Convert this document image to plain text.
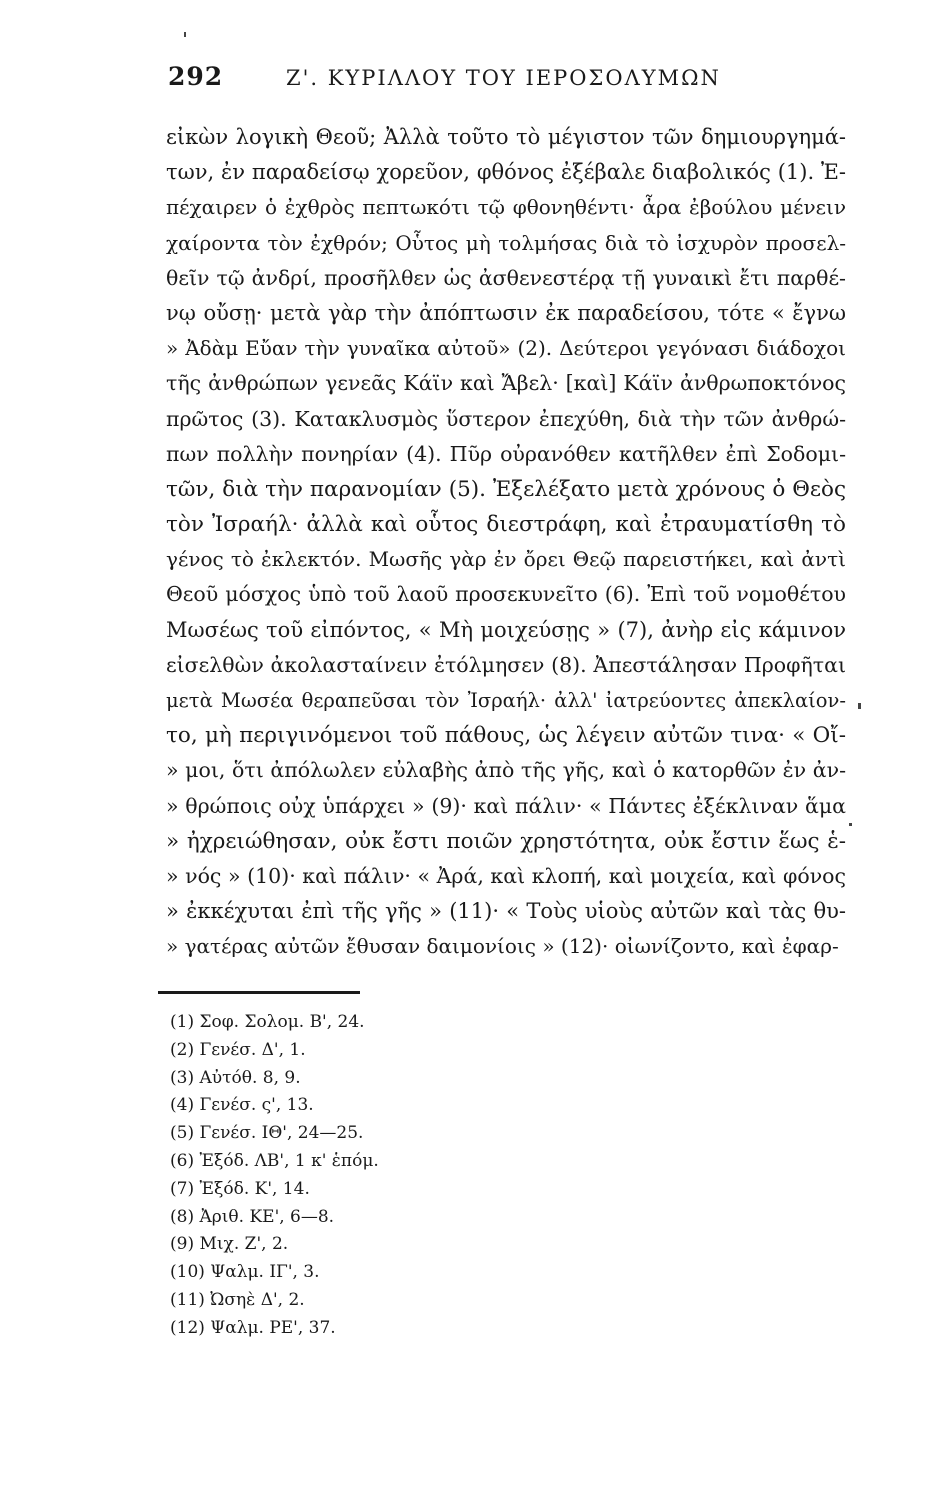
292	Ζ'. ΚΥΡΙΛΛΟΥ ΤΟΥ ΙΕΡΟΣΟΛΥΜΩΝ
εἰκὼν λογικὴ Θεοῦ; Ἀλλὰ τοῦτο τὸ μέγιστον τῶν δημιουργημά-
των, ἐν παραδείσῳ χορεῦον, φθόνος ἐξέβαλε διαβολικός (1). Ἐ-
πέχαιρεν ὁ ἐχθρὸς πεπτωκότι τῷ φθονηθέντι· ἆρα ἐβούλου μένειν
χαίροντα τὸν ἐχθρόν; Οὗτος μὴ τολμήσας διὰ τὸ ἰσχυρὸν προσελ-
θεῖν τῷ ἀνδρί, προσῆλθεν ὡς ἀσθενεστέρᾳ τῇ γυναικὶ ἔτι παρθέ-
νῳ οὔσῃ· μετὰ γὰρ τὴν ἀπόπτωσιν ἐκ παραδείσου, τότε « ἔγνω
» Ἀδὰμ Εὔαν τὴν γυναῖκα αὐτοῦ» (2). Δεύτεροι γεγόνασι διάδοχοι
τῆς ἀνθρώπων γενεᾶς Κάϊν καὶ Ἄβελ· [καὶ] Κάϊν ἀνθρωποκτόνος
πρῶτος (3). Κατακλυσμὸς ὕστερον ἐπεχύθη, διὰ τὴν τῶν ἀνθρώ-
πων πολλὴν πονηρίαν (4). Πῦρ οὐρανόθεν κατῆλθεν ἐπὶ Σοδομι-
τῶν, διὰ τὴν παρανομίαν (5). Ἐξελέξατο μετὰ χρόνους ὁ Θεὸς
τὸν Ἰσραήλ· ἀλλὰ καὶ οὗτος διεστράφη, καὶ ἐτραυματίσθη τὸ
γένος τὸ ἐκλεκτόν. Μωσῆς γὰρ ἐν ὄρει Θεῷ παρειστήκει, καὶ ἀντὶ
Θεοῦ μόσχος ὑπὸ τοῦ λαοῦ προσεκυνεῖτο (6). Ἐπὶ τοῦ νομοθέτου
Μωσέως τοῦ εἰπόντος, « Μὴ μοιχεύσῃς » (7), ἀνὴρ εἰς κάμινον
εἰσελθὼν ἀκολασταίνειν ἐτόλμησεν (8). Ἀπεστάλησαν Προφῆται
μετὰ Μωσέα θεραπεῦσαι τὸν Ἰσραήλ· ἀλλ' ἰατρεύοντες ἀπεκλαίον-
το, μὴ περιγινόμενοι τοῦ πάθους, ὡς λέγειν αὐτῶν τινα· « Οἴ-
» μοι, ὅτι ἀπόλωλεν εὐλαβὴς ἀπὸ τῆς γῆς, καὶ ὁ κατορθῶν ἐν ἀν-
» θρώποις οὐχ ὑπάρχει » (9)· καὶ πάλιν· « Πάντες ἐξέκλιναν ἅμα
» ἠχρειώθησαν, οὐκ ἔστι ποιῶν χρηστότητα, οὐκ ἔστιν ἕως ἑ-
» νός » (10)· καὶ πάλιν· « Ἀρά, καὶ κλοπή, καὶ μοιχεία, καὶ φόνος
» ἐκκέχυται ἐπὶ τῆς γῆς » (11)· « Τοὺς υἱοὺς αὐτῶν καὶ τὰς θυ-
» γατέρας αὐτῶν ἔθυσαν δαιμονίοις » (12)· οἰωνίζοντο, καὶ ἐφαρ-
(1) Σοφ. Σολομ. Β', 24.
(2) Γενέσ. Δ', 1.
(3) Αὐτόθ. 8, 9.
(4) Γενέσ. ς', 13.
(5) Γενέσ. ΙΘ', 24—25.
(6) Ἐξόδ. ΛΒ', 1 κ' ἑπόμ.
(7) Ἐξόδ. Κ', 14.
(8) Ἀριθ. ΚΕ', 6—8.
(9) Μιχ. Ζ', 2.
(10) Ψαλμ. ΙΓ', 3.
(11) Ὠσηὲ Δ', 2.
(12) Ψαλμ. ΡΕ', 37.
